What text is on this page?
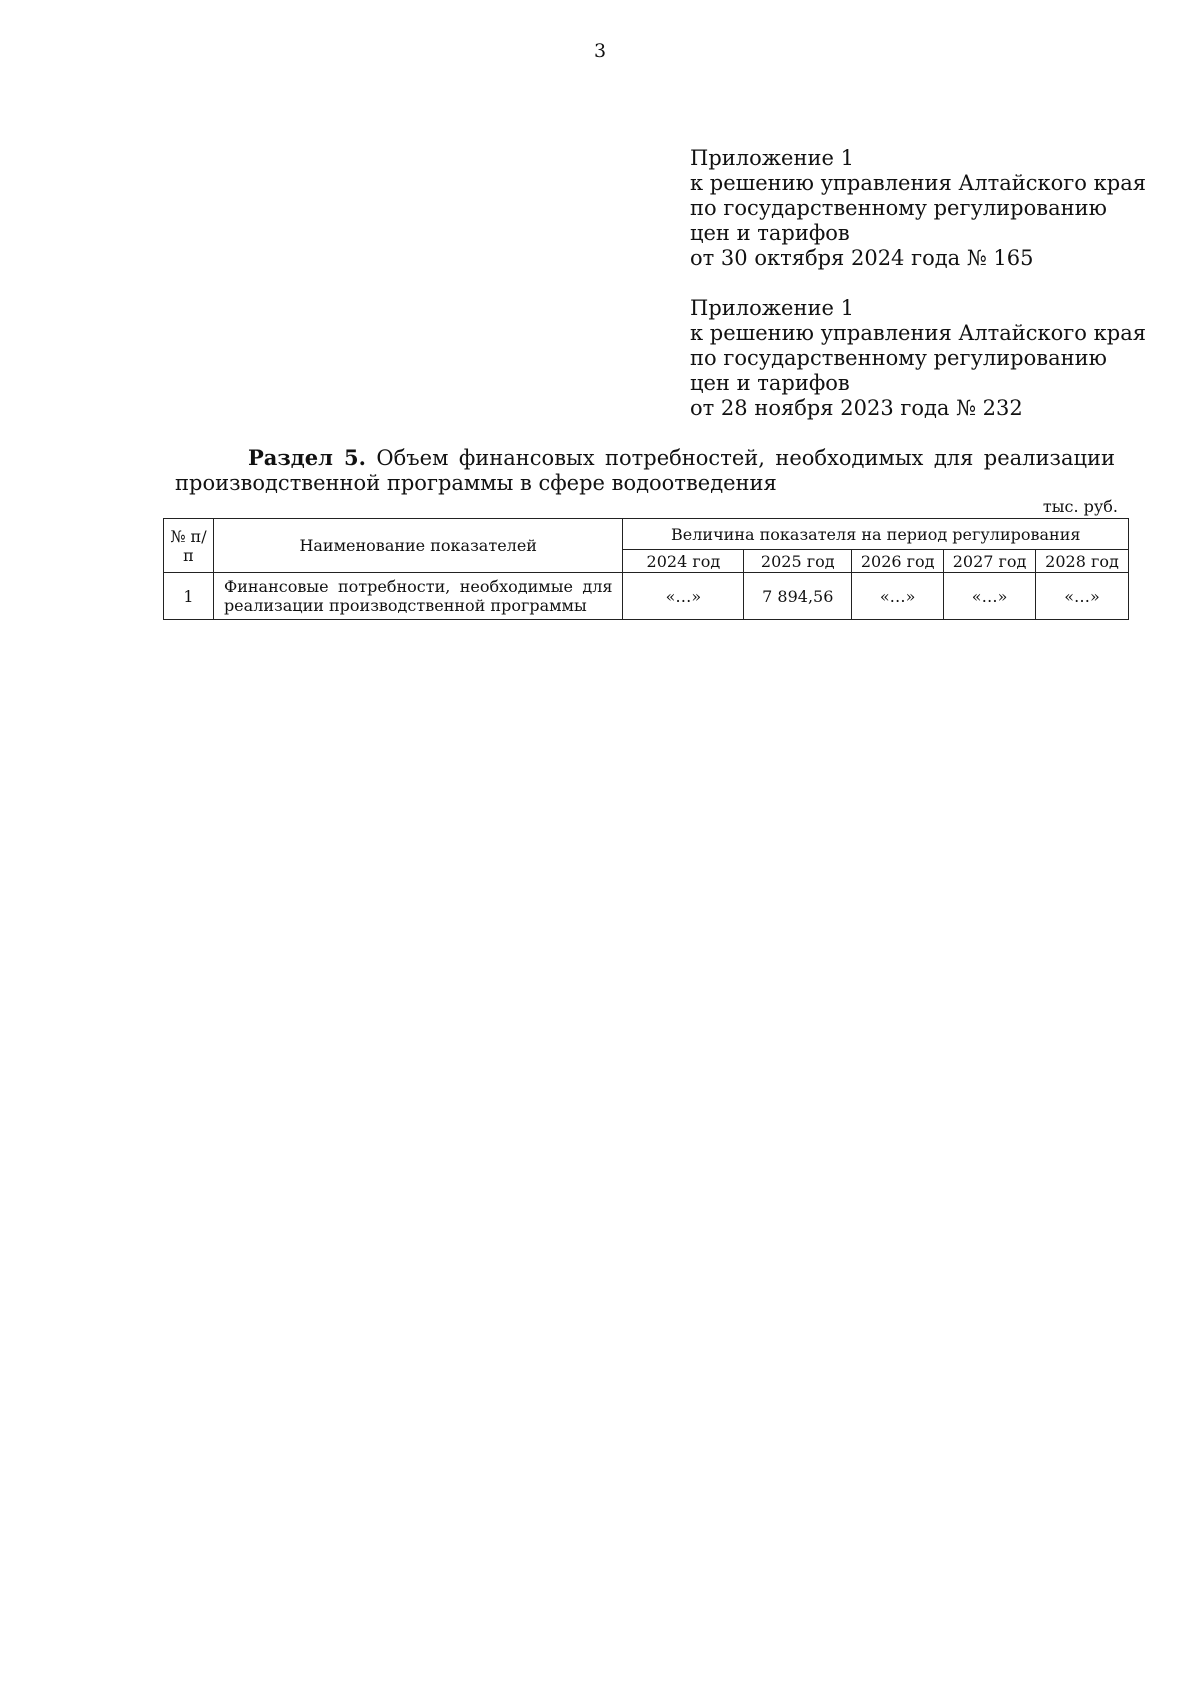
3
Приложение 1
к решению управления Алтайского края
по государственному регулированию
цен и тарифов
от 30 октября 2024 года № 165
Приложение 1
к решению управления Алтайского края
по государственному регулированию
цен и тарифов
от 28 ноября 2023 года № 232
Раздел 5. Объем финансовых потребностей, необходимых для реализации
производственной программы в сфере водоотведения
тыс. руб.
№ п/п	Наименование показателей	Величина показателя на период регулирования				
		2024 год	2025 год	2026 год	2027 год	2028 год
1	Финансовые потребности, необходимые для реализации производственной программы	«…»	7 894,56	«…»	«…»	«…»
